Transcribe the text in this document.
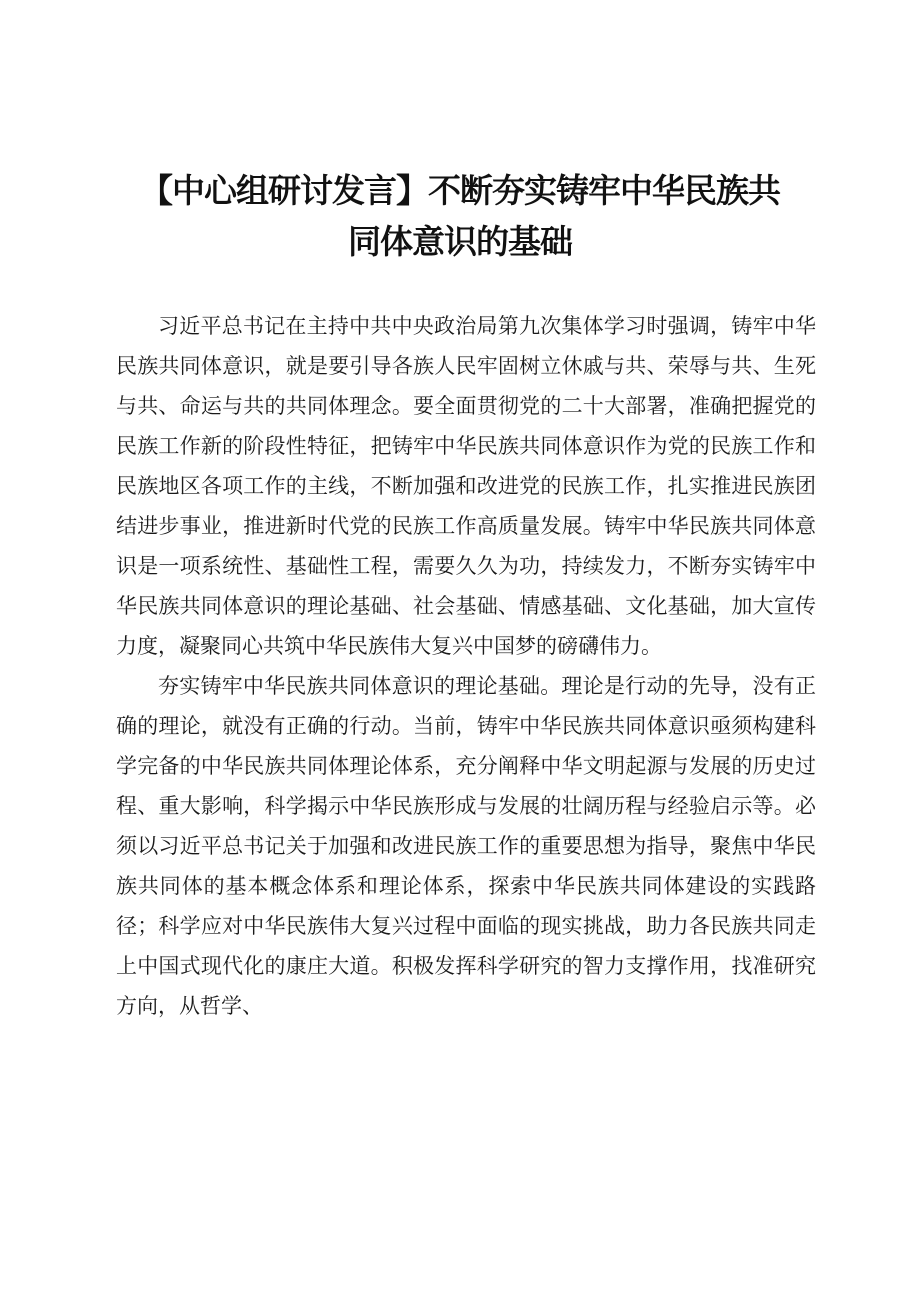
【中心组研讨发言】不断夯实铸牢中华民族共
同体意识的基础

习近平总书记在主持中共中央政治局第九次集体学习时强调，铸牢中华民族共同体意识，就是要引导各族人民牢固树立休戚与共、荣辱与共、生死与共、命运与共的共同体理念。要全面贯彻党的二十大部署，准确把握党的民族工作新的阶段性特征，把铸牢中华民族共同体意识作为党的民族工作和民族地区各项工作的主线，不断加强和改进党的民族工作，扎实推进民族团结进步事业，推进新时代党的民族工作高质量发展。铸牢中华民族共同体意识是一项系统性、基础性工程，需要久久为功，持续发力，不断夯实铸牢中华民族共同体意识的理论基础、社会基础、情感基础、文化基础，加大宣传力度，凝聚同心共筑中华民族伟大复兴中国梦的磅礴伟力。

夯实铸牢中华民族共同体意识的理论基础。理论是行动的先导，没有正确的理论，就没有正确的行动。当前，铸牢中华民族共同体意识亟须构建科学完备的中华民族共同体理论体系，充分阐释中华文明起源与发展的历史过程、重大影响，科学揭示中华民族形成与发展的壮阔历程与经验启示等。必须以习近平总书记关于加强和改进民族工作的重要思想为指导，聚焦中华民族共同体的基本概念体系和理论体系，探索中华民族共同体建设的实践路径；科学应对中华民族伟大复兴过程中面临的现实挑战，助力各民族共同走上中国式现代化的康庄大道。积极发挥科学研究的智力支撑作用，找准研究方向，从哲学、
